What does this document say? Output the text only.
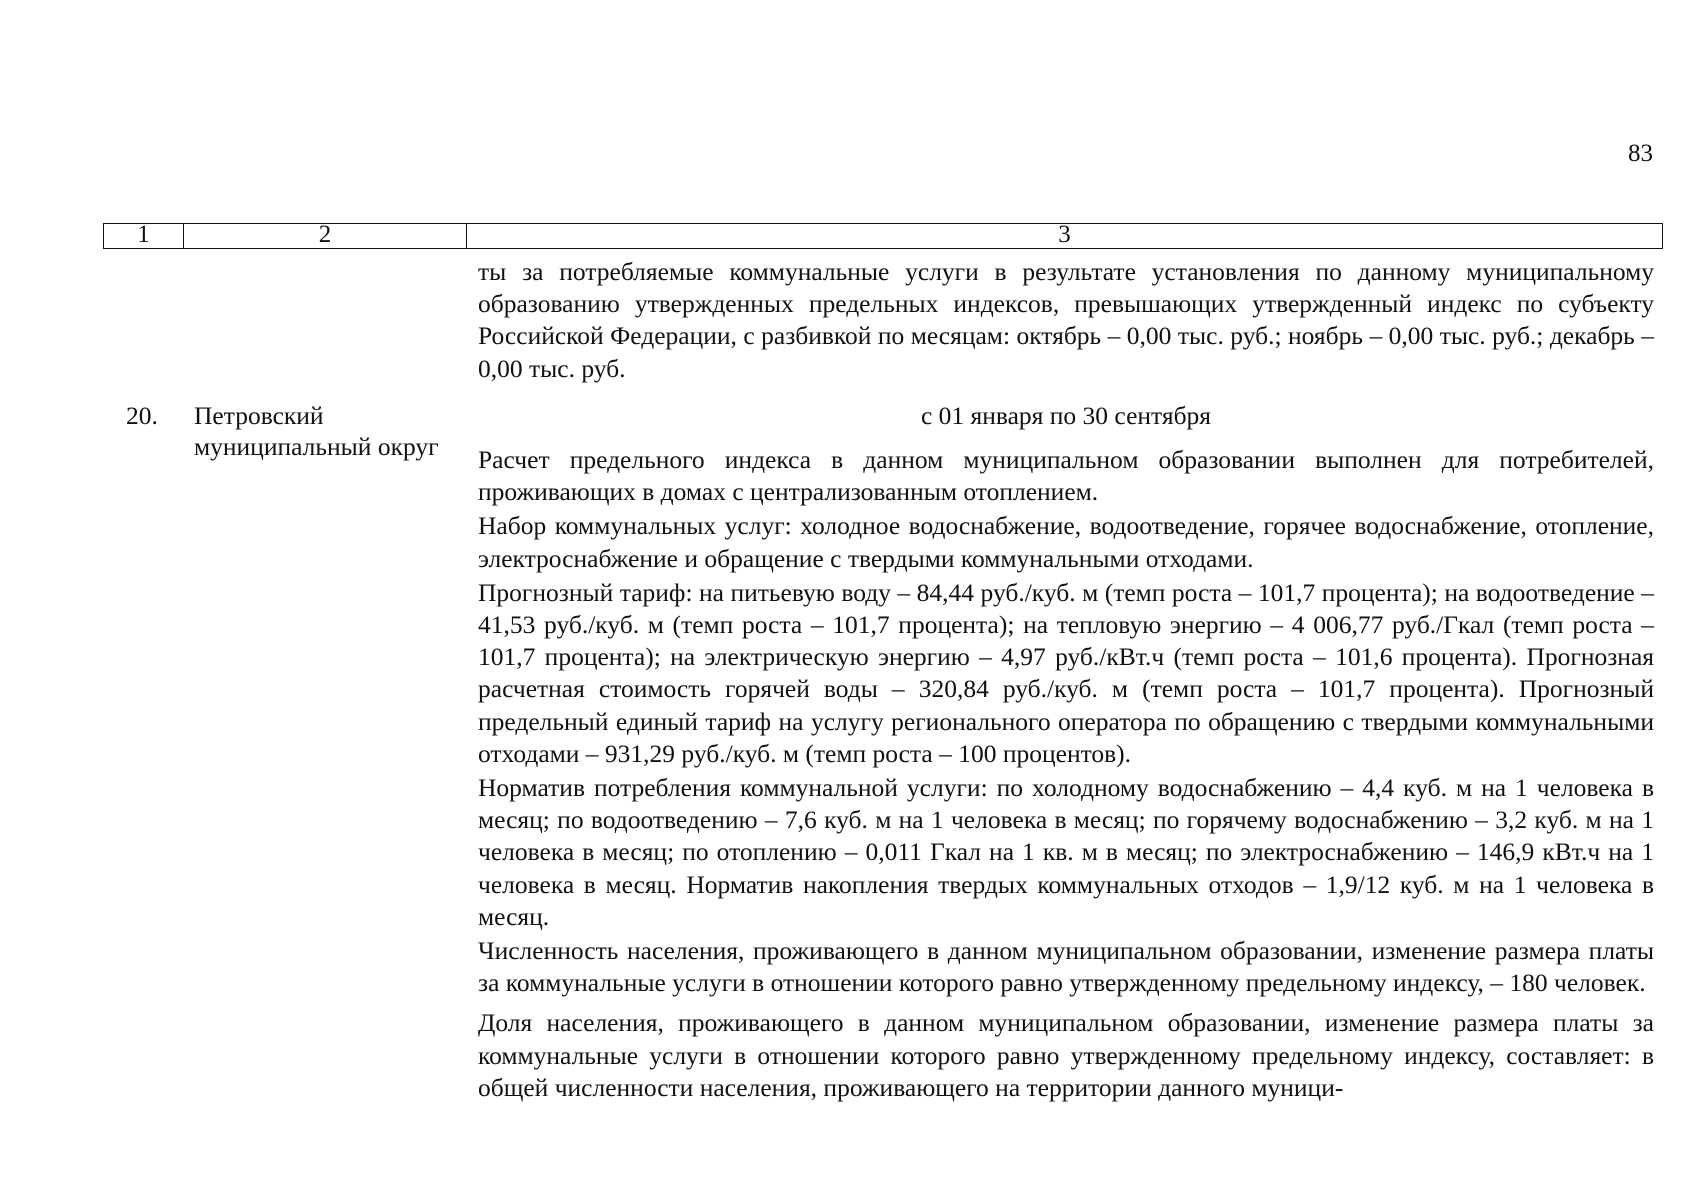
83
1	2	3

ты за потребляемые коммунальные услуги в результате установления по данному муниципальному образованию утвержденных предельных индексов, превышающих утвержденный индекс по субъекту Российской Федерации, с разбивкой по месяцам: октябрь – 0,00 тыс. руб.; ноябрь – 0,00 тыс. руб.; декабрь – 0,00 тыс. руб.

20. Петровский муниципальный округ
с 01 января по 30 сентября

Расчет предельного индекса в данном муниципальном образовании выполнен для потребителей, проживающих в домах с централизованным отоплением.

Набор коммунальных услуг: холодное водоснабжение, водоотведение, горячее водоснабжение, отопление, электроснабжение и обращение с твердыми коммунальными отходами.

Прогнозный тариф: на питьевую воду – 84,44 руб./куб. м (темп роста – 101,7 процента); на водоотведение – 41,53 руб./куб. м (темп роста – 101,7 процента); на тепловую энергию – 4 006,77 руб./Гкал (темп роста – 101,7 процента); на электрическую энергию – 4,97 руб./кВт.ч (темп роста – 101,6 процента). Прогнозная расчетная стоимость горячей воды – 320,84 руб./куб. м (темп роста – 101,7 процента). Прогнозный предельный единый тариф на услугу регионального оператора по обращению с твердыми коммунальными отходами – 931,29 руб./куб. м (темп роста – 100 процентов).

Норматив потребления коммунальной услуги: по холодному водоснабжению – 4,4 куб. м на 1 человека в месяц; по водоотведению – 7,6 куб. м на 1 человека в месяц; по горячему водоснабжению – 3,2 куб. м на 1 человека в месяц; по отоплению – 0,011 Гкал на 1 кв. м в месяц; по электроснабжению – 146,9 кВт.ч на 1 человека в месяц. Норматив накопления твердых коммунальных отходов – 1,9/12 куб. м на 1 человека в месяц.

Численность населения, проживающего в данном муниципальном образовании, изменение размера платы за коммунальные услуги в отношении которого равно утвержденному предельному индексу, – 180 человек.

Доля населения, проживающего в данном муниципальном образовании, изменение размера платы за коммунальные услуги в отношении которого равно утвержденному предельному индексу, составляет: в общей численности населения, проживающего на территории данного муници-
